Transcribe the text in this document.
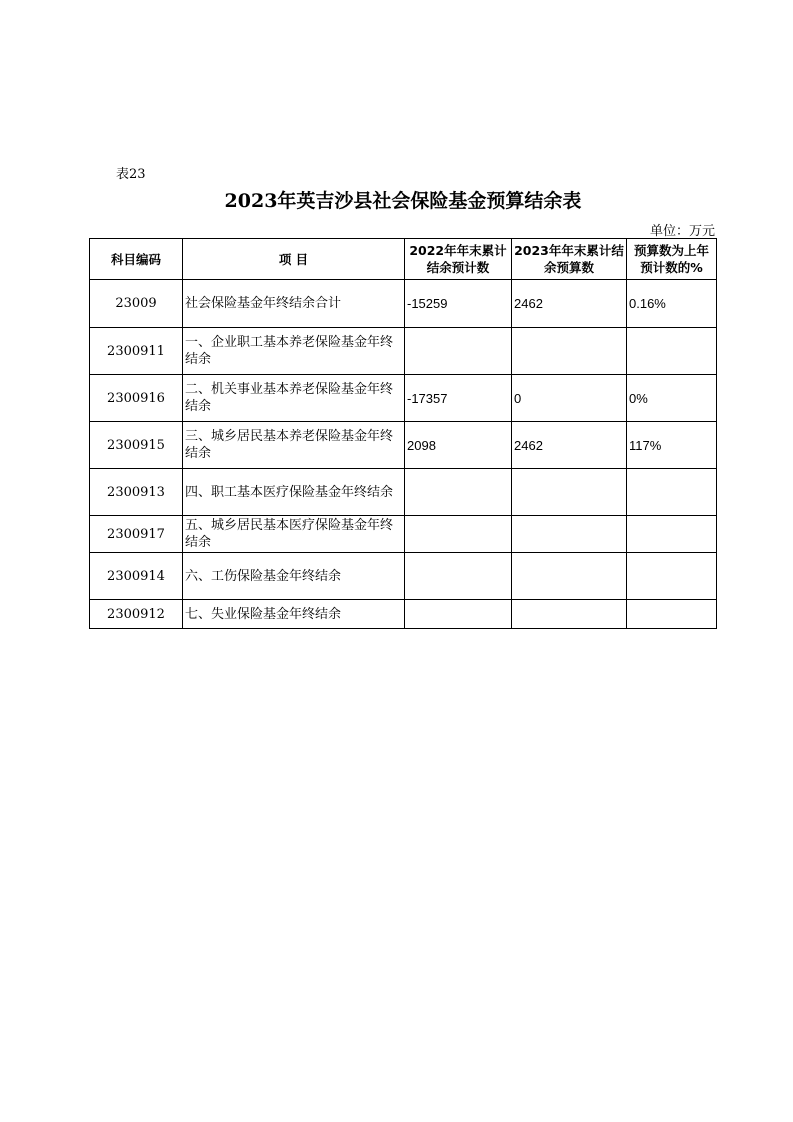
表23
2023年英吉沙县社会保险基金预算结余表
单位：万元
科目编码	项 目	2022年年末累计结余预计数	2023年年末累计结余预算数	预算数为上年预计数的%
23009	社会保险基金年终结余合计	-15259	2462	0.16%
2300911	一、企业职工基本养老保险基金年终结余			
2300916	二、机关事业基本养老保险基金年终结余	-17357	0	0%
2300915	三、城乡居民基本养老保险基金年终结余	2098	2462	117%
2300913	四、职工基本医疗保险基金年终结余			
2300917	五、城乡居民基本医疗保险基金年终结余			
2300914	六、工伤保险基金年终结余			
2300912	七、失业保险基金年终结余			
